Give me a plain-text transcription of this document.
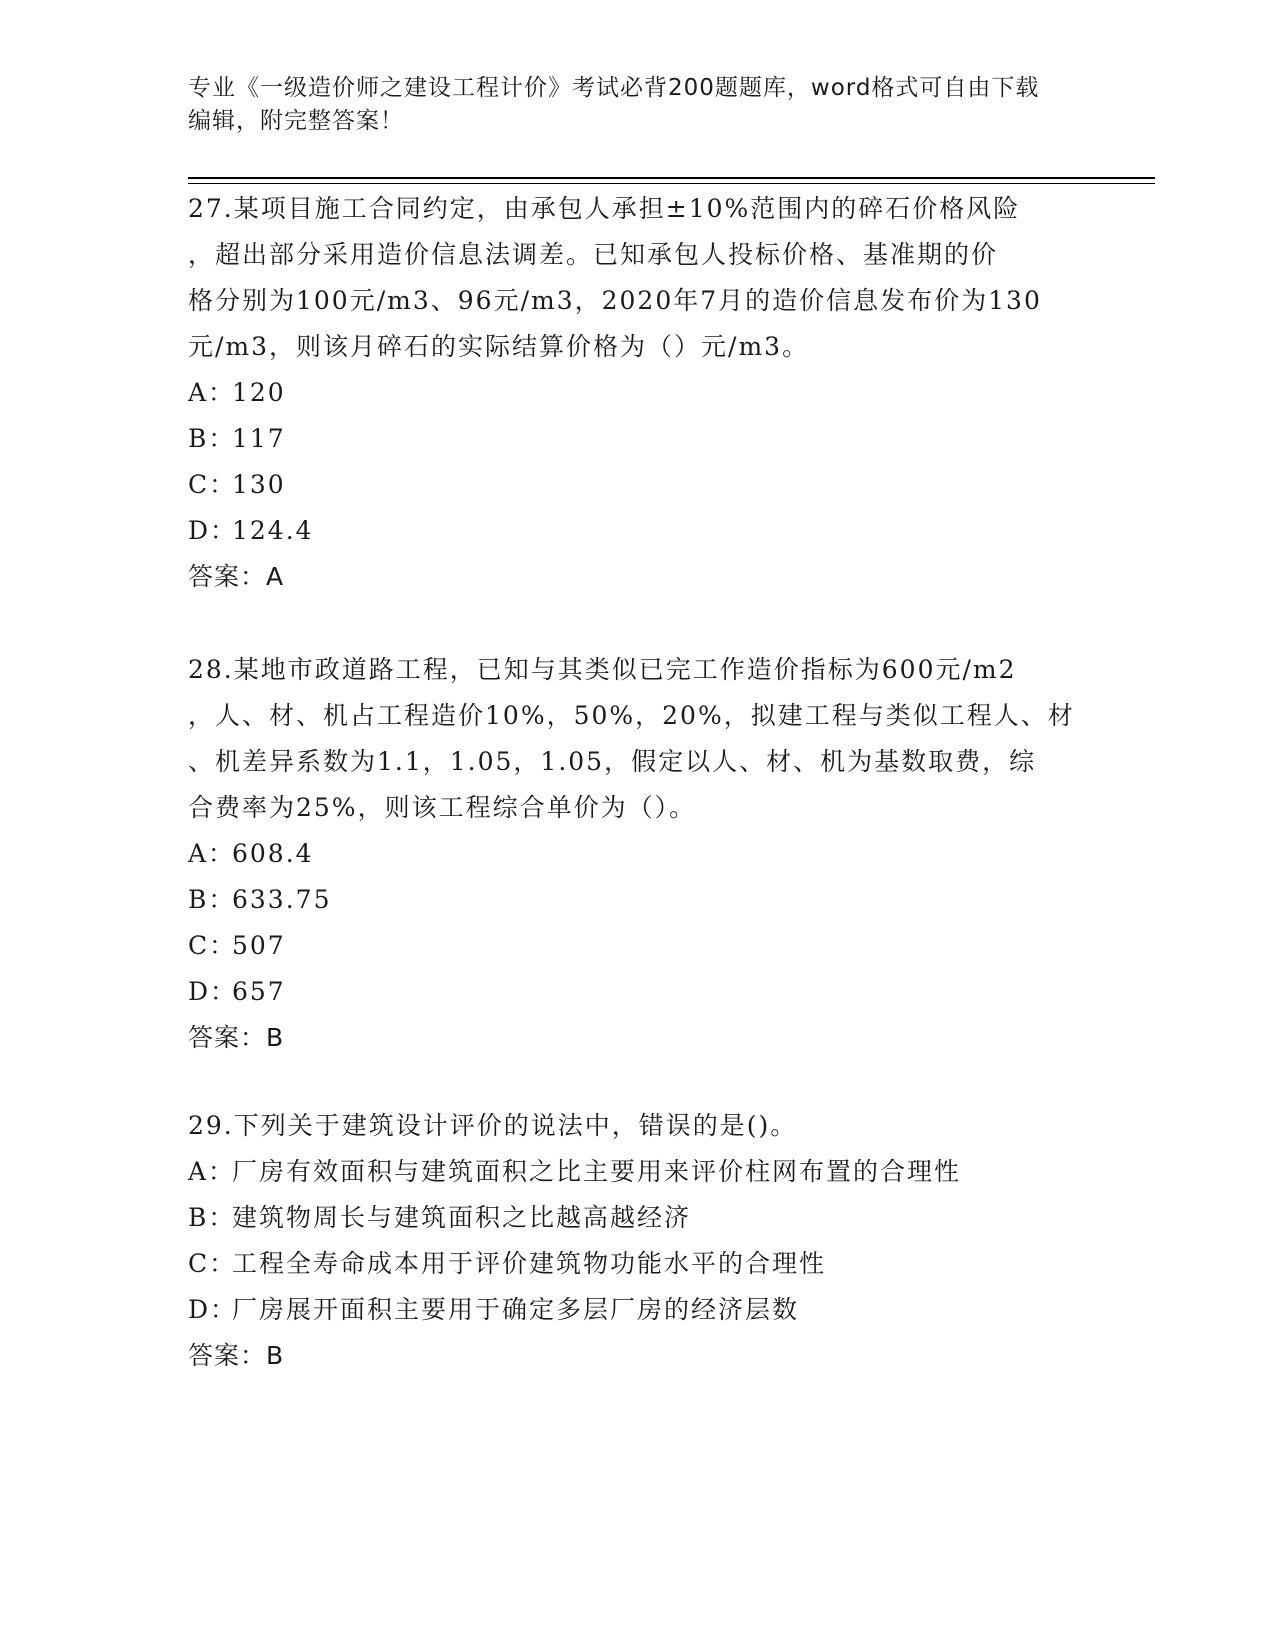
专业《一级造价师之建设工程计价》考试必背200题题库，word格式可自由下载
编辑，附完整答案！

27.某项目施工合同约定，由承包人承担±10%范围内的碎石价格风险

，超出部分采用造价信息法调差。已知承包人投标价格、基准期的价

格分别为100元/m3、96元/m3，2020年7月的造价信息发布价为130

元/m3，则该月碎石的实际结算价格为（）元/m3。

A：120

B：117

C：130

D：124.4

答案：A

28.某地市政道路工程，已知与其类似已完工作造价指标为600元/m2

，人、材、机占工程造价10%，50%，20%，拟建工程与类似工程人、材

、机差异系数为1.1，1.05，1.05，假定以人、材、机为基数取费，综

合费率为25%，则该工程综合单价为（）。

A：608.4

B：633.75

C：507

D：657

答案：B

29.下列关于建筑设计评价的说法中，错误的是()。

A：厂房有效面积与建筑面积之比主要用来评价柱网布置的合理性

B：建筑物周长与建筑面积之比越高越经济

C：工程全寿命成本用于评价建筑物功能水平的合理性

D：厂房展开面积主要用于确定多层厂房的经济层数

答案：B
